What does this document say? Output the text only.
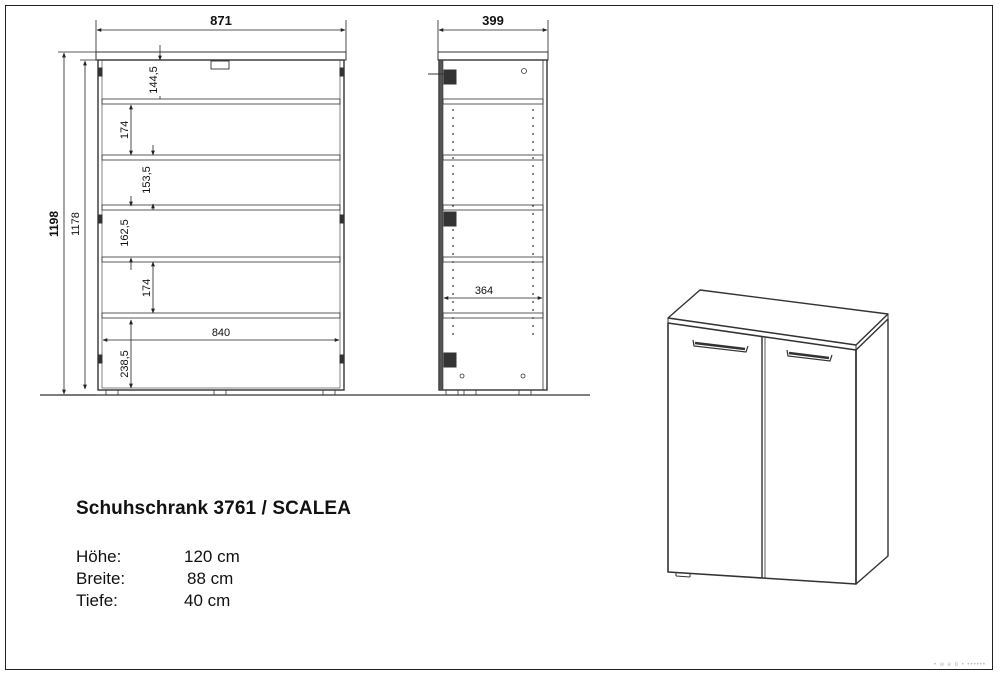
871
1198 1178
840
144,5
174
153,5
162,5
174
238,5
399
364
Schuhschrank 3761 / SCALEA
Höhe:	120 cm
Breite:	88 cm
Tiefe:	40 cm
• w e b • ••••••
